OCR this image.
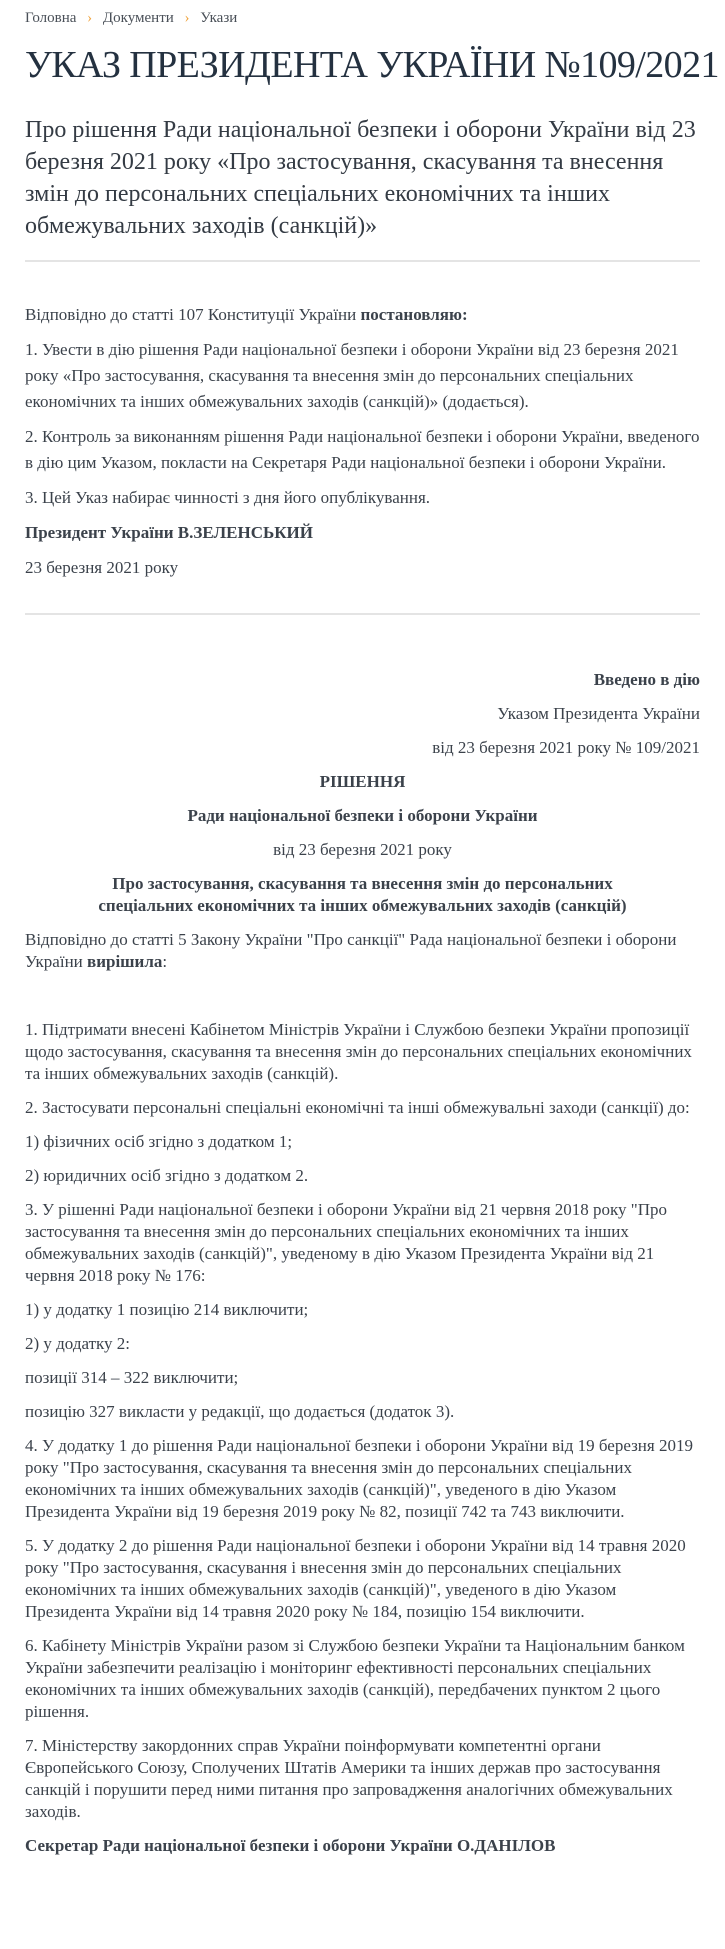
Головна › Документи › Укази
УКАЗ ПРЕЗИДЕНТА УКРАЇНИ №109/2021

Про рішення Ради національної безпеки і оборони України від 23 березня 2021 року «Про застосування, скасування та внесення змін до персональних спеціальних економічних та інших обмежувальних заходів (санкцій)»

Відповідно до статті 107 Конституції України постановляю:

1. Увести в дію рішення Ради національної безпеки і оборони України від 23 березня 2021 року «Про застосування, скасування та внесення змін до персональних спеціальних економічних та інших обмежувальних заходів (санкцій)» (додається).

2. Контроль за виконанням рішення Ради національної безпеки і оборони України, введеного в дію цим Указом, покласти на Секретаря Ради національної безпеки і оборони України.

3. Цей Указ набирає чинності з дня його опублікування.

Президент України В.ЗЕЛЕНСЬКИЙ

23 березня 2021 року

Введено в дію

Указом Президента України

від 23 березня 2021 року № 109/2021

РІШЕННЯ

Ради національної безпеки і оборони України

від 23 березня 2021 року

Про застосування, скасування та внесення змін до персональних спеціальних економічних та інших обмежувальних заходів (санкцій)

Відповідно до статті 5 Закону України "Про санкції" Рада національної безпеки і оборони України вирішила:

1. Підтримати внесені Кабінетом Міністрів України і Службою безпеки України пропозиції щодо застосування, скасування та внесення змін до персональних спеціальних економічних та інших обмежувальних заходів (санкцій).

2. Застосувати персональні спеціальні економічні та інші обмежувальні заходи (санкції) до:

1) фізичних осіб згідно з додатком 1;

2) юридичних осіб згідно з додатком 2.

3. У рішенні Ради національної безпеки і оборони України від 21 червня 2018 року "Про застосування та внесення змін до персональних спеціальних економічних та інших обмежувальних заходів (санкцій)", уведеному в дію Указом Президента України від 21 червня 2018 року № 176:

1) у додатку 1 позицію 214 виключити;

2) у додатку 2:

позиції 314 – 322 виключити;

позицію 327 викласти у редакції, що додається (додаток 3).

4. У додатку 1 до рішення Ради національної безпеки і оборони України від 19 березня 2019 року "Про застосування, скасування та внесення змін до персональних спеціальних економічних та інших обмежувальних заходів (санкцій)", уведеного в дію Указом Президента України від 19 березня 2019 року № 82, позиції 742 та 743 виключити.

5. У додатку 2 до рішення Ради національної безпеки і оборони України від 14 травня 2020 року "Про застосування, скасування і внесення змін до персональних спеціальних економічних та інших обмежувальних заходів (санкцій)", уведеного в дію Указом Президента України від 14 травня 2020 року № 184, позицію 154 виключити.

6. Кабінету Міністрів України разом зі Службою безпеки України та Національним банком України забезпечити реалізацію і моніторинг ефективності персональних спеціальних економічних та інших обмежувальних заходів (санкцій), передбачених пунктом 2 цього рішення.

7. Міністерству закордонних справ України поінформувати компетентні органи Європейського Союзу, Сполучених Штатів Америки та інших держав про застосування санкцій і порушити перед ними питання про запровадження аналогічних обмежувальних заходів.

Секретар Ради національної безпеки і оборони України О.ДАНІЛОВ
